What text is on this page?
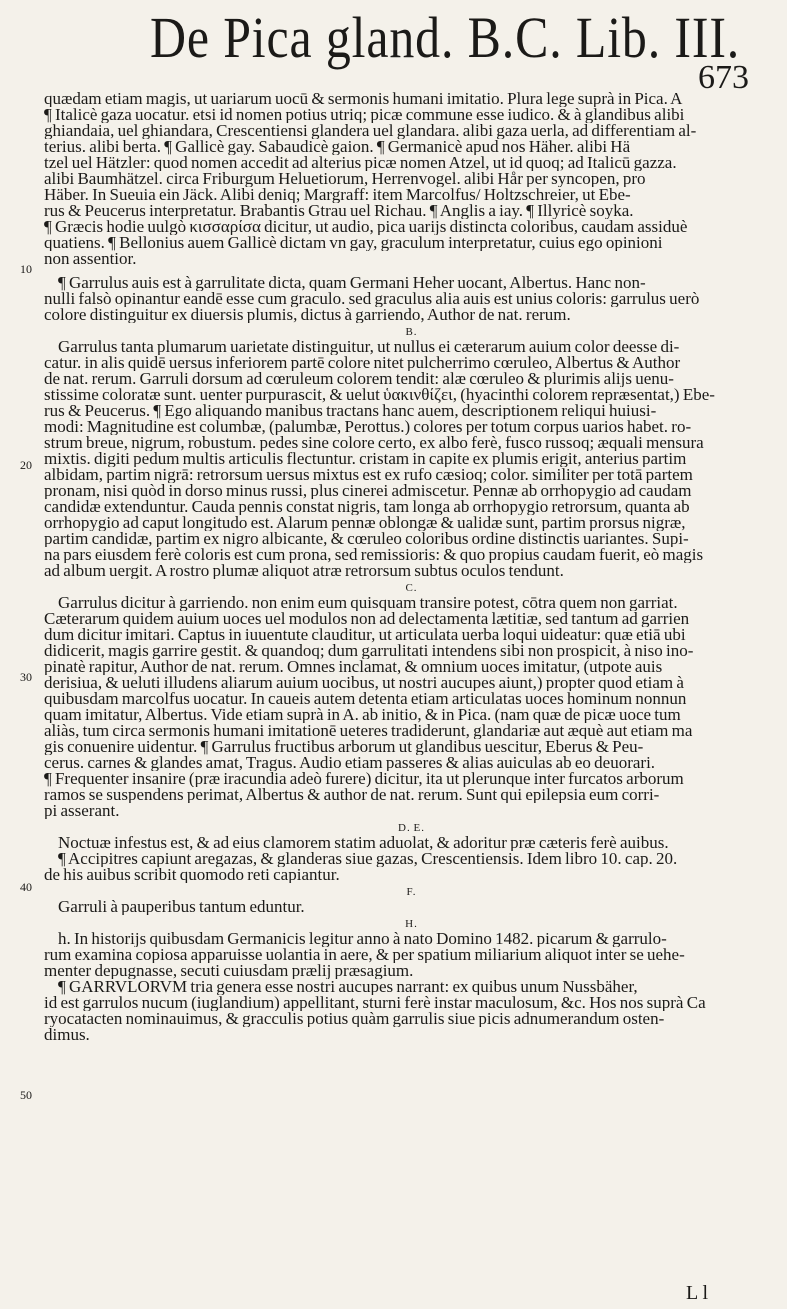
De Pica gland. B.C. Lib. III.
673
10
20
30
40
50
quædam etiam magis, ut uariarum uocū & sermonis humani imitatio. Plura lege suprà in Pica. A
¶ Italicè gaza uocatur. etsi id nomen potius utriq; picæ commune esse iudico. & à glandibus alibi
ghiandaia, uel ghiandara, Crescentiensi glandera uel glandara. alibi gaza uerla, ad differentiam al-
terius. alibi berta. ¶ Gallicè gay. Sabaudicè gaion. ¶ Germanicè apud nos Häher. alibi Hä
tzel uel Hätzler: quod nomen accedit ad alterius picæ nomen Atzel, ut id quoq; ad Italicū gazza.
alibi Baumhätzel. circa Friburgum Heluetiorum, Herrenvogel. alibi Hår per syncopen, pro
Häber. In Sueuia ein Jäck. Alibi deniq; Margraff: item Marcolfus/ Holtzschreier, ut Ebe-
rus & Peucerus interpretatur. Brabantis Gtrau uel Richau. ¶ Anglis a iay. ¶ Illyricè soyka.
¶ Græcis hodie uulgò κισσαρίσα dicitur, ut audio, pica uarijs distincta coloribus, caudam assiduè
quatiens. ¶ Bellonius auem Gallicè dictam vn gay, graculum interpretatur, cuius ego opinioni
non assentior.
¶ Garrulus auis est à garrulitate dicta, quam Germani Heher uocant, Albertus. Hanc non-
nulli falsò opinantur eandē esse cum graculo. sed graculus alia auis est unius coloris: garrulus uerò
colore distinguitur ex diuersis plumis, dictus à garriendo, Author de nat. rerum.
B.
Garrulus tanta plumarum uarietate distinguitur, ut nullus ei cæterarum auium color deesse di-
catur. in alis quidē uersus inferiorem partē colore nitet pulcherrimo cœruleo, Albertus & Author
de nat. rerum. Garruli dorsum ad cœruleum colorem tendit: alæ cœruleo & plurimis alijs uenu-
stissime coloratæ sunt. uenter purpurascit, & uelut ὑακινθίζει, (hyacinthi colorem repræsentat,) Ebe-
rus & Peucerus. ¶ Ego aliquando manibus tractans hanc auem, descriptionem reliqui huiusi-
modi: Magnitudine est columbæ, (palumbæ, Perottus.) colores per totum corpus uarios habet. ro-
strum breue, nigrum, robustum. pedes sine colore certo, ex albo ferè, fusco russoq; æquali mensura
mixtis. digiti pedum multis articulis flectuntur. cristam in capite ex plumis erigit, anterius partim
albidam, partim nigrā: retrorsum uersus mixtus est ex rufo cæsioq; color. similiter per totā partem
pronam, nisi quòd in dorso minus russi, plus cinerei admiscetur. Pennæ ab orrhopygio ad caudam
candidæ extenduntur. Cauda pennis constat nigris, tam longa ab orrhopygio retrorsum, quanta ab
orrhopygio ad caput longitudo est. Alarum pennæ oblongæ & ualidæ sunt, partim prorsus nigræ,
partim candidæ, partim ex nigro albicante, & cœruleo coloribus ordine distinctis uariantes. Supi-
na pars eiusdem ferè coloris est cum prona, sed remissioris: & quo propius caudam fuerit, eò magis
ad album uergit. A rostro plumæ aliquot atræ retrorsum subtus oculos tendunt.
C.
Garrulus dicitur à garriendo. non enim eum quisquam transire potest, cōtra quem non garriat.
Cæterarum quidem auium uoces uel modulos non ad delectamenta lætitiæ, sed tantum ad garrien
dum dicitur imitari. Captus in iuuentute clauditur, ut articulata uerba loqui uideatur: quæ etiā ubi
didicerit, magis garrire gestit. & quandoq; dum garrulitati intendens sibi non prospicit, à niso ino-
pinatè rapitur, Author de nat. rerum. Omnes inclamat, & omnium uoces imitatur, (utpote auis
derisiua, & ueluti illudens aliarum auium uocibus, ut nostri aucupes aiunt,) propter quod etiam à
quibusdam marcolfus uocatur. In caueis autem detenta etiam articulatas uoces hominum nonnun
quam imitatur, Albertus. Vide etiam suprà in A. ab initio, & in Pica. (nam quæ de picæ uoce tum
aliàs, tum circa sermonis humani imitationē ueteres tradiderunt, glandariæ aut æquè aut etiam ma
gis conuenire uidentur. ¶ Garrulus fructibus arborum ut glandibus uescitur, Eberus & Peu-
cerus. carnes & glandes amat, Tragus. Audio etiam passeres & alias auiculas ab eo deuorari.
¶ Frequenter insanire (præ iracundia adeò furere) dicitur, ita ut plerunque inter furcatos arborum
ramos se suspendens perimat, Albertus & author de nat. rerum. Sunt qui epilepsia eum corri-
pi asserant.
D. E.
Noctuæ infestus est, & ad eius clamorem statim aduolat, & adoritur præ cæteris ferè auibus.
¶ Accipitres capiunt aregazas, & glanderas siue gazas, Crescentiensis. Idem libro 10. cap. 20.
de his auibus scribit quomodo reti capiantur.
F.
Garruli à pauperibus tantum eduntur.
H.
h. In historijs quibusdam Germanicis legitur anno à nato Domino 1482. picarum & garrulo-
rum examina copiosa apparuisse uolantia in aere, & per spatium miliarium aliquot inter se uehe-
menter depugnasse, secuti cuiusdam prælij præsagium.
¶ GARRVLORVM tria genera esse nostri aucupes narrant: ex quibus unum Nussbäher,
id est garrulos nucum (iuglandium) appellitant, sturni ferè instar maculosum, &c. Hos nos suprà Ca
ryocatacten nominauimus, & gracculis potius quàm garrulis siue picis adnumerandum osten-
dimus.
L l
